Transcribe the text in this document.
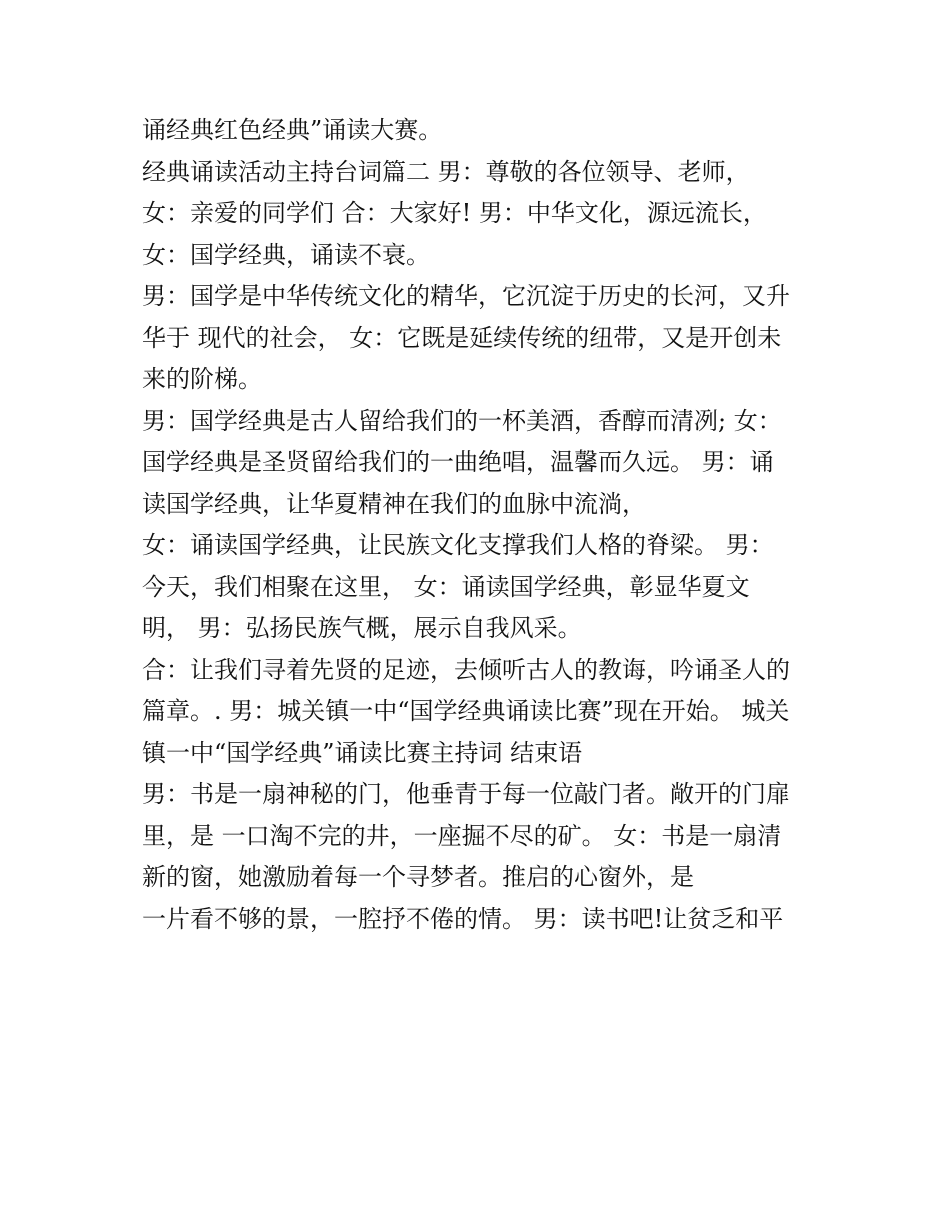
诵经典红色经典”诵读大赛。
经典诵读活动主持台词篇二 男：尊敬的各位领导、老师，
女：亲爱的同学们 合：大家好! 男：中华文化，源远流长，
女：国学经典，诵读不衰。
男：国学是中华传统文化的精华，它沉淀于历史的长河，又升
华于 现代的社会， 女：它既是延续传统的纽带，又是开创未
来的阶梯。
男：国学经典是古人留给我们的一杯美酒，香醇而清冽; 女：
国学经典是圣贤留给我们的一曲绝唱，温馨而久远。 男：诵
读国学经典，让华夏精神在我们的血脉中流淌，
女：诵读国学经典，让民族文化支撑我们人格的脊梁。 男：
今天，我们相聚在这里， 女：诵读国学经典，彰显华夏文
明， 男：弘扬民族气概，展示自我风采。
合：让我们寻着先贤的足迹，去倾听古人的教诲，吟诵圣人的
篇章。. 男：城关镇一中“国学经典诵读比赛”现在开始。 城关
镇一中“国学经典”诵读比赛主持词 结束语
男：书是一扇神秘的门，他垂青于每一位敲门者。敞开的门扉
里，是 一口淘不完的井，一座掘不尽的矿。 女：书是一扇清
新的窗，她激励着每一个寻梦者。推启的心窗外，是
一片看不够的景，一腔抒不倦的情。 男：读书吧!让贫乏和平
